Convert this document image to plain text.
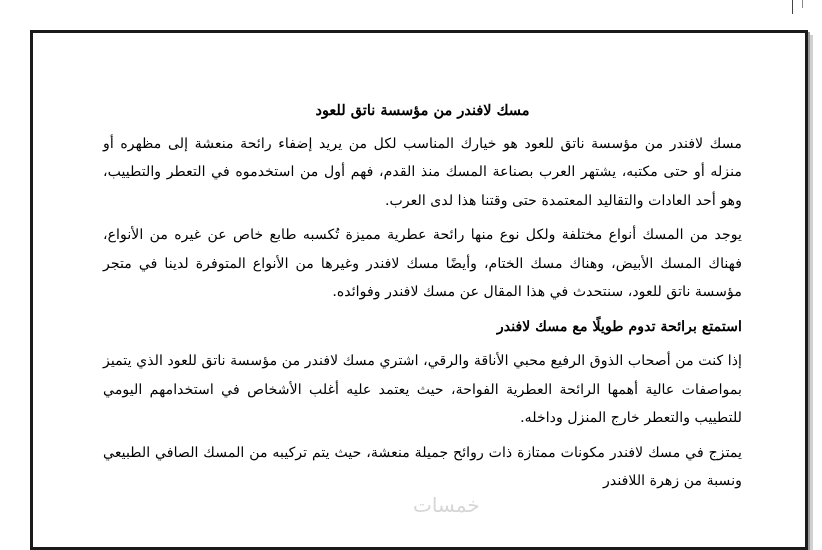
مسك لافندر من مؤسسة ناتق للعود

مسك لافندر من مؤسسة ناتق للعود هو خيارك المناسب لكل من يريد إضفاء رائحة منعشة إلى مظهره أو منزله أو حتى مكتبه، يشتهر العرب بصناعة المسك منذ القدم، فهم أول من استخدموه في التعطر والتطييب، وهو أحد العادات والتقاليد المعتمدة حتى وقتنا هذا لدى العرب.

يوجد من المسك أنواع مختلفة ولكل نوع منها رائحة عطرية مميزة تُكسبه طابع خاص عن غيره من الأنواع، فهناك المسك الأبيض، وهناك مسك الختام، وأيضًا مسك لافندر وغيرها من الأنواع المتوفرة لدينا في متجر مؤسسة ناتق للعود، سنتحدث في هذا المقال عن مسك لافندر وفوائده.

استمتع برائحة تدوم طويلًا مع مسك لافندر

إذا كنت من أصحاب الذوق الرفيع محبي الأناقة والرقي، اشتري مسك لافندر من مؤسسة ناتق للعود الذي يتميز بمواصفات عالية أهمها الرائحة العطرية الفواحة، حيث يعتمد عليه أغلب الأشخاص في استخدامهم اليومي للتطييب والتعطر خارج المنزل وداخله.

يمتزج في مسك لافندر مكونات ممتازة ذات روائح جميلة منعشة، حيث يتم تركيبه من المسك الصافي الطبيعي ونسبة من زهرة اللافندر

خمسات
